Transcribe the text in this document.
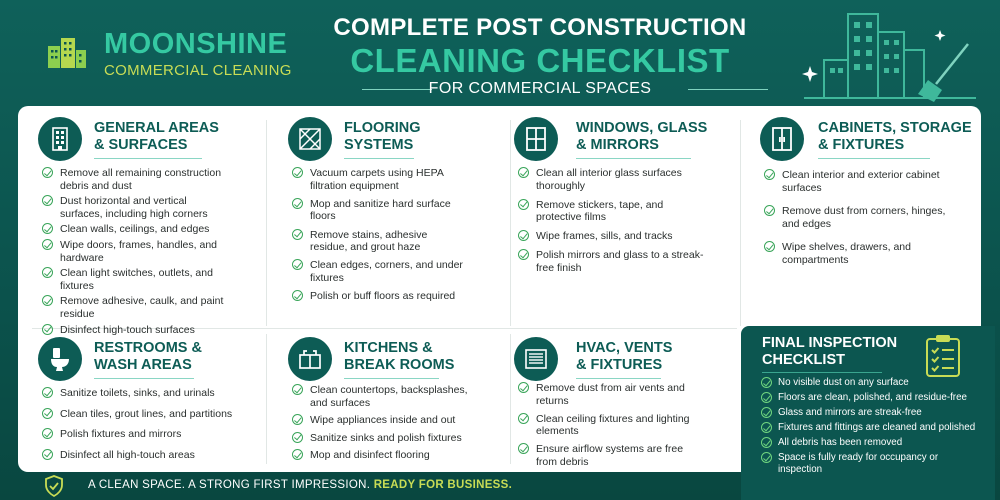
MOONSHINE
COMMERCIAL CLEANING
COMPLETE POST CONSTRUCTION
CLEANING CHECKLIST
FOR COMMERCIAL SPACES
GENERAL AREAS
& SURFACES
Remove all remaining construction debris and dust
Dust horizontal and vertical surfaces, including high corners
Clean walls, ceilings, and edges
Wipe doors, frames, handles, and hardware
Clean light switches, outlets, and fixtures
Remove adhesive, caulk, and paint residue
Disinfect high-touch surfaces
FLOORING
SYSTEMS
Vacuum carpets using HEPA filtration equipment
Mop and sanitize hard surface floors
Remove stains, adhesive residue, and grout haze
Clean edges, corners, and under fixtures
Polish or buff floors as required
WINDOWS, GLASS
& MIRRORS
Clean all interior glass surfaces thoroughly
Remove stickers, tape, and protective films
Wipe frames, sills, and tracks
Polish mirrors and glass to a streak-free finish
CABINETS, STORAGE
& FIXTURES
Clean interior and exterior cabinet surfaces
Remove dust from corners, hinges, and edges
Wipe shelves, drawers, and compartments
RESTROOMS &
WASH AREAS
Sanitize toilets, sinks, and urinals
Clean tiles, grout lines, and partitions
Polish fixtures and mirrors
Disinfect all high-touch areas
KITCHENS &
BREAK ROOMS
Clean countertops, backsplashes, and surfaces
Wipe appliances inside and out
Sanitize sinks and polish fixtures
Mop and disinfect flooring
HVAC, VENTS
& FIXTURES
Remove dust from air vents and returns
Clean ceiling fixtures and lighting elements
Ensure airflow systems are free from debris
FINAL INSPECTION
CHECKLIST
No visible dust on any surface
Floors are clean, polished, and residue-free
Glass and mirrors are streak-free
Fixtures and fittings are cleaned and polished
All debris has been removed
Space is fully ready for occupancy or inspection
A CLEAN SPACE. A STRONG FIRST IMPRESSION. READY FOR BUSINESS.
